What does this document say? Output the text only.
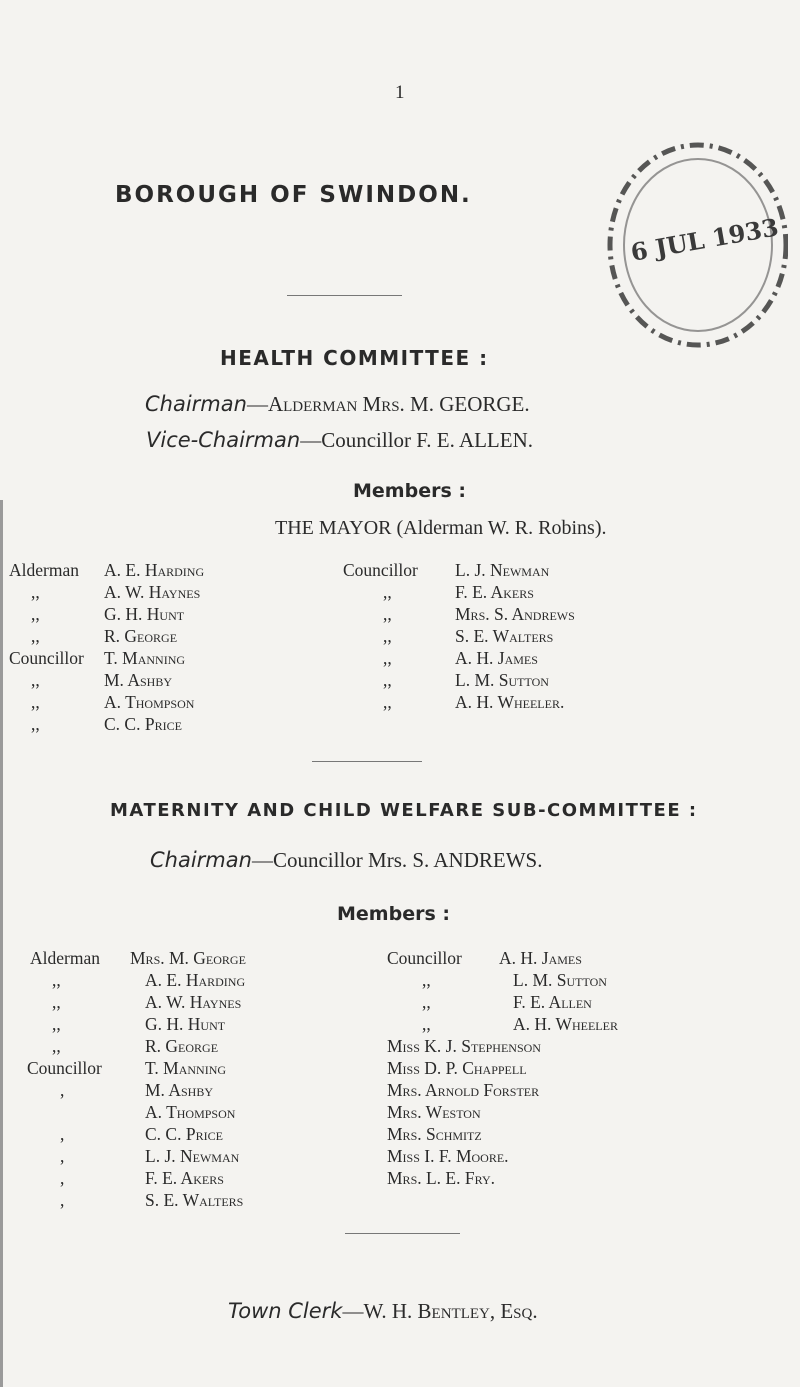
1
BOROUGH OF SWINDON.
6 JUL 1933
HEALTH COMMITTEE :
Chairman—Alderman Mrs. M. GEORGE.
Vice-Chairman—Councillor F. E. ALLEN.
Members :
THE MAYOR (Alderman W. R. Robins).
Alderman A. E. Harding
,,	A. W. Haynes
,,	G. H. Hunt
,,	R. George
Councillor T. Manning
,,	M. Ashby
,,	A. Thompson
,,	C. C. Price
Councillor L. J. Newman
,,	F. E. Akers
,,	Mrs. S. Andrews
,,	S. E. Walters
,,	A. H. James
,,	L. M. Sutton
,,	A. H. Wheeler.
MATERNITY AND CHILD WELFARE SUB-COMMITTEE :
Chairman—Councillor Mrs. S. ANDREWS.
Members :
Alderman Mrs. M. George
,,	A. E. Harding
,,	A. W. Haynes
,,	G. H. Hunt
,,	R. George
Councillor T. Manning
,	M. Ashby
A. Thompson
,	C. C. Price
,	L. J. Newman
,	F. E. Akers
,	S. E. Walters
Councillor A. H. James
,,	L. M. Sutton
,,	F. E. Allen
,,	A. H. Wheeler
Miss K. J. Stephenson
Miss D. P. Chappell
Mrs. Arnold Forster
Mrs. Weston
Mrs. Schmitz
Miss I. F. Moore.
Mrs. L. E. Fry.
Town Clerk—W. H. Bentley, Esq.
